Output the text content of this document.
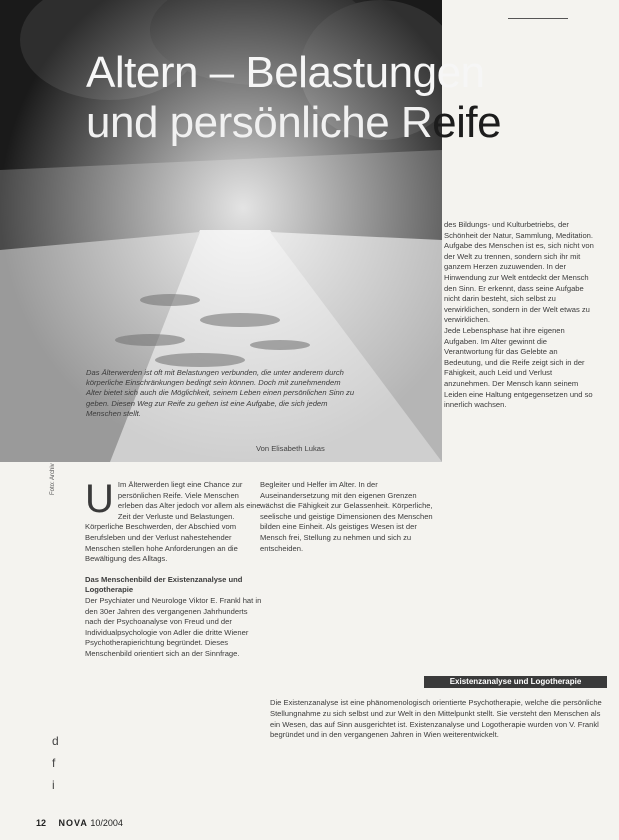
Altern – Belastungen
und persönliche Reife
Das Älterwerden ist oft mit Belastungen verbunden, die unter anderem durch körperliche Einschränkungen bedingt sein können. Doch mit zunehmendem Alter bietet sich auch die Möglichkeit, seinem Leben einen persönlichen Sinn zu geben. Diesen Weg zur Reife zu gehen ist eine Aufgabe, die sich jedem Menschen stellt.
Von Elisabeth Lukas

des Bildungs- und Kulturbetriebs, der Schönheit der Natur, Sammlung, Meditation.

Aufgabe des Menschen ist es, sich nicht von der Welt zu trennen, sondern sich ihr mit ganzem Herzen zuzuwenden. In der Hinwendung zur Welt entdeckt der Mensch den Sinn. Er erkennt, dass seine Aufgabe nicht darin besteht, sich selbst zu verwirklichen, sondern in der Welt etwas zu verwirklichen.

Jede Lebensphase hat ihre eigenen Aufgaben. Im Alter gewinnt die Verantwortung für das Gelebte an Bedeutung, und die Reife zeigt sich in der Fähigkeit, auch Leid und Verlust anzunehmen. Der Mensch kann seinem Leiden eine Haltung entgegensetzen und so innerlich wachsen.

U Im Älterwerden liegt eine Chance zur persönlichen Reife. Viele Menschen erleben das Alter jedoch vor allem als eine Zeit der Verluste und Belastungen. Körperliche Beschwerden, der Abschied vom Berufsleben und der Verlust nahestehender Menschen stellen hohe Anforderungen an die Bewältigung des Alltags.

Das Menschenbild der Existenzanalyse und Logotherapie

Der Psychiater und Neurologe Viktor E. Frankl hat in den 30er Jahren des vergangenen Jahrhunderts nach der Psychoanalyse von Freud und der Individualpsychologie von Adler die dritte Wiener Psychotherapierichtung begründet. Dieses Menschenbild orientiert sich an der Sinnfrage.

Begleiter und Helfer im Alter. In der Auseinandersetzung mit den eigenen Grenzen wächst die Fähigkeit zur Gelassenheit. Körperliche, seelische und geistige Dimensionen des Menschen bilden eine Einheit. Als geistiges Wesen ist der Mensch frei, Stellung zu nehmen und sich zu entscheiden.

Existenzanalyse und Logotherapie
Die Existenzanalyse ist eine phänomenologisch orientierte Psychotherapie, welche die persönliche Stellungnahme zu sich selbst und zur Welt in den Mittelpunkt stellt. Sie versteht den Menschen als ein Wesen, das auf Sinn ausgerichtet ist. Existenzanalyse und Logotherapie wurden von V. Frankl begründet und in den vergangenen Jahren in Wien weiterentwickelt.
Foto: Archiv
d
f
i
12 NOVA 10/2004
